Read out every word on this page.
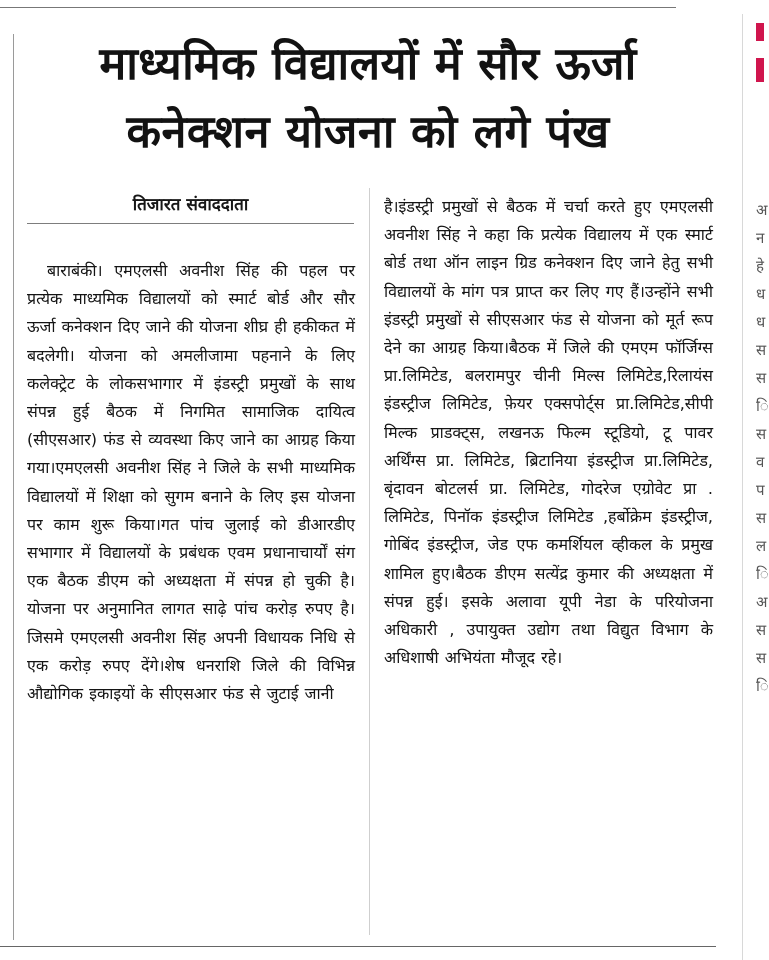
माध्यमिक विद्यालयों में सौर ऊर्जा
कनेक्शन योजना को लगे पंख
तिजारत संवाददाता

बाराबंकी। एमएलसी अवनीश सिंह की पहल पर प्रत्येक माध्यमिक विद्यालयों को स्मार्ट बोर्ड और सौर ऊर्जा कनेक्शन दिए जाने की योजना शीघ्र ही हकीकत में बदलेगी। योजना को अमलीजामा पहनाने के लिए कलेक्ट्रेट के लोकसभागार में इंडस्ट्री प्रमुखों के साथ संपन्न हुई बैठक में निगमित सामाजिक दायित्व (सीएसआर) फंड से व्यवस्था किए जाने का आग्रह किया गया।एमएलसी अवनीश सिंह ने जिले के सभी माध्यमिक विद्यालयों में शिक्षा को सुगम बनाने के लिए इस योजना पर काम शुरू किया।गत पांच जुलाई को डीआरडीए सभागार में विद्यालयों के प्रबंधक एवम प्रधानाचार्यों संग एक बैठक डीएम को अध्यक्षता में संपन्न हो चुकी है।योजना पर अनुमानित लागत साढ़े पांच करोड़ रुपए है।जिसमे एमएलसी अवनीश सिंह अपनी विधायक निधि से एक करोड़ रुपए देंगे।शेष धनराशि जिले की विभिन्न औद्योगिक इकाइयों के सीएसआर फंड से जुटाई जानी

है।इंडस्ट्री प्रमुखों से बैठक में चर्चा करते हुए एमएलसी अवनीश सिंह ने कहा कि प्रत्येक विद्यालय में एक स्मार्ट बोर्ड तथा ऑन लाइन ग्रिड कनेक्शन दिए जाने हेतु सभी विद्यालयों के मांग पत्र प्राप्त कर लिए गए हैं।उन्होंने सभी इंडस्ट्री प्रमुखों से सीएसआर फंड से योजना को मूर्त रूप देने का आग्रह किया।बैठक में जिले की एमएम फॉर्जिग्स प्रा.लिमिटेड, बलरामपुर चीनी मिल्स लिमिटेड,रिलायंस इंडस्ट्रीज लिमिटेड, फ़ेयर एक्सपोर्ट्स प्रा.लिमिटेड,सीपी मिल्क प्राडक्ट्स, लखनऊ फिल्म स्टूडियो, टू पावर अर्थिंग्स प्रा. लिमिटेड, ब्रिटानिया इंडस्ट्रीज प्रा.लिमिटेड, बृंदावन बोटलर्स प्रा. लिमिटेड, गोदरेज एग्रोवेट प्रा . लिमिटेड, पिनॉक इंडस्ट्रीज लिमिटेड ,हर्बोक्रेम इंडस्ट्रीज, गोबिंद इंडस्ट्रीज, जेड एफ कमर्शियल व्हीकल के प्रमुख शामिल हुए।बैठक डीएम सत्येंद्र कुमार की अध्यक्षता में संपन्न हुई। इसके अलावा यूपी नेडा के परियोजना अधिकारी , उपायुक्त उद्योग तथा विद्युत विभाग के अधिशाषी अभियंता मौजूद रहे।

अ
न
हे
ध
ध
स
स
ि
स
व
प
स
ल
ि
अ
स
स
ि
